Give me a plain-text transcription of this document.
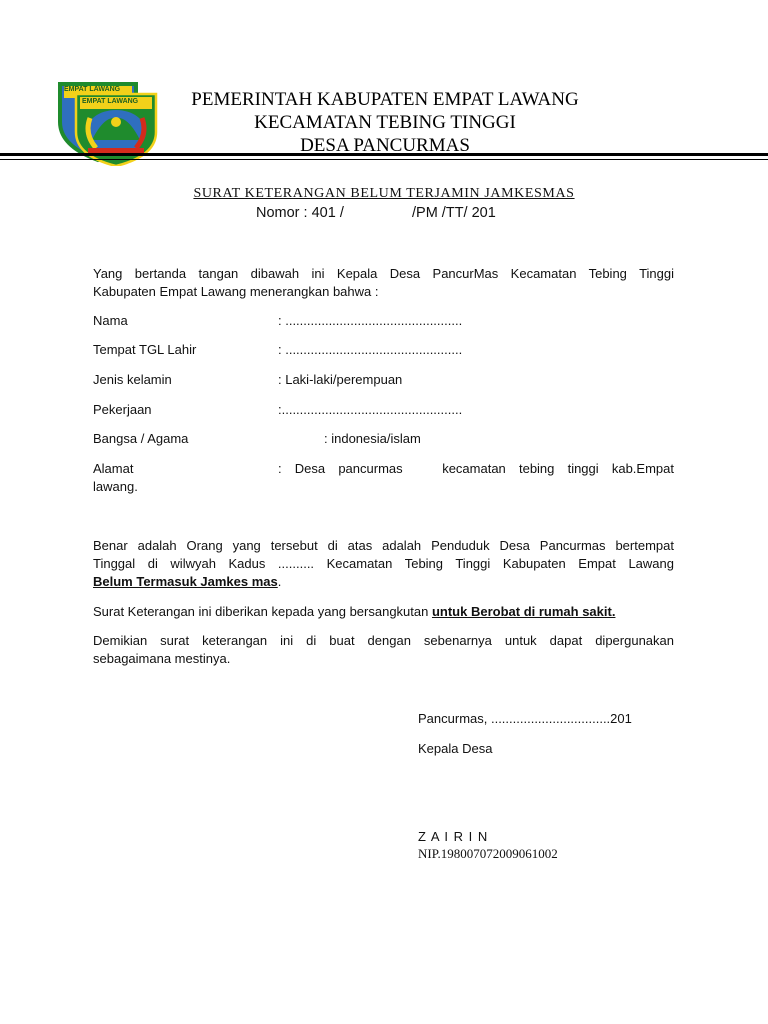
EMPAT LAWANG
EMPAT LAWANG	PEMERINTAH KABUPATEN EMPAT LAWANG
KECAMATAN TEBING TINGGI
DESA PANCURMAS
SURAT KETERANGAN BELUM TERJAMIN JAMKESMAS
Nomor : 401 /	/PM /TT/ 201
Yang bertanda tangan dibawah ini Kepala Desa PancurMas Kecamatan Tebing Tinggi
Kabupaten Empat Lawang menerangkan bahwa :
Nama	: .................................................
Tempat TGL Lahir	: .................................................
Jenis kelamin	: Laki-laki/perempuan
Pekerjaan	:..................................................
Bangsa / Agama	: indonesia/islam
Alamat	: Desa pancurmas   kecamatan tebing tinggi kab.Empat
lawang.
Benar adalah Orang yang tersebut di atas adalah Penduduk Desa Pancurmas bertempat
Tinggal di wilwyah Kadus .......... Kecamatan Tebing Tinggi Kabupaten Empat Lawang
Belum Termasuk Jamkes mas.
Surat Keterangan ini diberikan kepada yang bersangkutan untuk Berobat di rumah sakit.
Demikian surat keterangan ini di buat dengan sebenarnya untuk dapat dipergunakan
sebagaimana mestinya.
Pancurmas, .................................201
Kepala Desa
Z A I R I N
NIP.198007072009061002
